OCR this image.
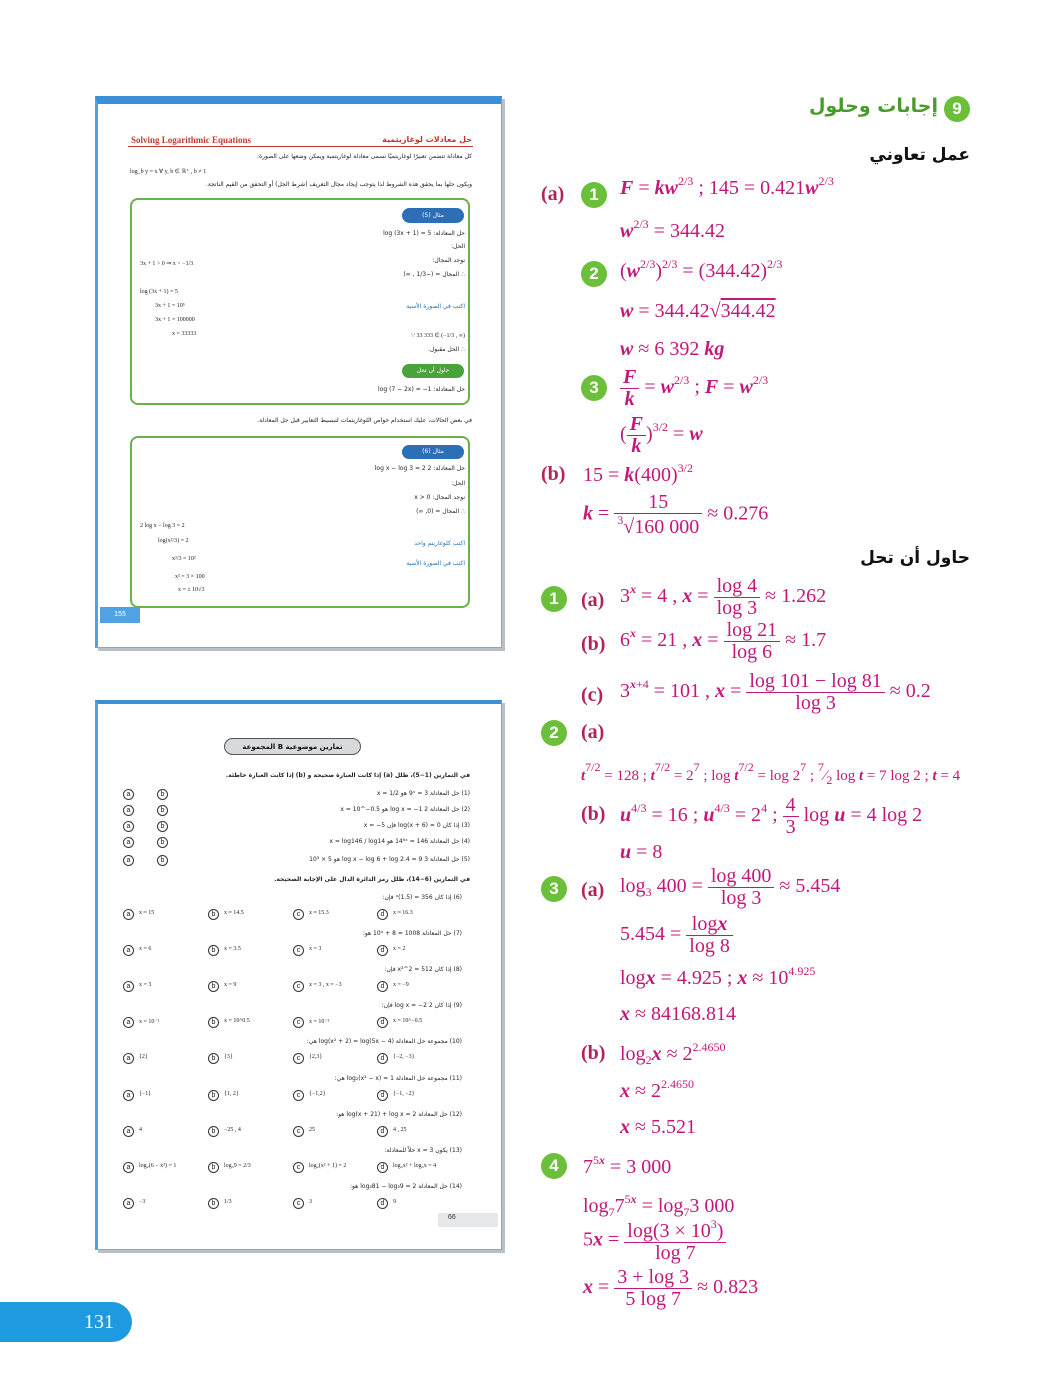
Solving Logarithmic Equations	حل معادلات لوغاريتمية
كل معادلة تتضمن تعبيرًا لوغاريتميًا تسمى معادلة لوغاريتمية ويمكن وضعها على الصورة:
log_b y = x ∀ y, b ∈ ℝ⁺ , b ≠ 1
ويكون حلها بما يحقق هذه الشروط لذا يتوجب إيجاد مجال التعريف (شرط الحل) أو التحقق من القيم الناتجة.
مثال (5)
حل المعادلة: log (3x + 1) = 5
الحل:
نوجد المجال:
3x + 1 > 0 ⇒ x > −1/3
∴ المجال = (−1/3 , ∞)
log (3x + 1) = 5
3x + 1 = 10⁵
3x + 1 = 100000
x = 33333
اكتب في الصورة الأسية
∵ 33 333 ∈ (−1/3 , ∞)
∴ الحل مقبول.
حاول أن تحل
حل المعادلة: log (7 − 2x) = −1
في بعض الحالات، عليك استخدام خواص اللوغاريتمات لتبسيط التعابير قبل حل المعادلة.
مثال (6)
حل المعادلة: 2 log x − log 3 = 2
الحل:
نوجد المجال: x > 0
∴ المجال = (0, ∞)
2 log x − log 3 = 2
log(x²/3) = 2
x²/3 = 10²
x² = 3 × 100
x = ± 10√3
اكتب كلوغاريتم واحد
اكتب في الصورة الأسية
155
المجموعة B تمارين موضوعية
في التمارين (1−5)، ظلل (a) إذا كانت العبارة صحيحة و (b) إذا كانت العبارة خاطئة.
(1) حل المعادلة 3 = 9ˣ هو x = 1/2
a	b
(2) حل المعادلة 2 log x = −1 هو x = 10^−0.5
a	b
(3) إذا كان log(x + 6) = 0 فإن x = −5
a	b
(4) حل المعادلة 14⁶ˣ = 146 هو x = log146 / log14
a	b
(5) حل المعادلة 3 log x − log 6 + log 2.4 = 9 هو 5 × 10³
a	b
في التمارين (6−14)، ظلل رمز الدائرة الدال على الإجابة الصحيحة.
(6) إذا كان 356 = (1.5)ˣ فإن:
a	x ≈ 15	b	x ≈ 14.5	c	x ≈ 15.3	d	x ≈ 16.3
(7) حل المعادلة 1008 = 10ˣ + 8 هو:
a	x = 6	b	x = 3.5	c	x = 3	d	x = 2
(8) إذا كان 512 = 2^x² فإن:
a	x = 3	b	x = 9	c	x = 3 , x = −3	d	x = −9
(9) إذا كان 2 log x = −2 فإن:
a	x = 10⁻¹	b	x = 10^0.5	c	x = 10⁻²	d	x = 10^−0.5
(10) مجموعة حل المعادلة log(x² + 2) = log(5x − 4) هي:
a	{2}	b	{3}	c	{2,3}	d	{−2, −3}
(11) مجموعة حل المعادلة log₂(x² − x) = 1 هي:
a	{−1}	b	{1, 2}	c	{−1,2}	d	{−1, −2}
(12) حل المعادلة log(x + 21) + log x = 2 هو:
a	4	b	−25 , 4	c	25	d	4 , 25
(13) يكون x = 3 حلاً للمعادلة:
a	log₂(6 − x²) = 1	b	log₃9 = 2/3	c	log₂(x² + 1) = 2	d	log₃x² + log₃x = 4
(14) حل المعادلة log₃81 − log₃9 = 2 هو:
a	−3	b	1/3	c	3	d	9
66
131
9
إجابات وحلول
عمل تعاوني
(a)	1	$F = kw^{2/3}$ ; $145 = 0.421w^{2/3}$
$w^{2/3} = 344.42$
2	$(w^{2/3})^{2/3} = (344.42)^{2/3}$
w = 344.42√344.42
w ≈ 6 392 kg
3	$\frac{F}{k} = w^{2/3}$ ; $F = w^{2/3}$
( $\frac{F}{k} )^{3/2} = w$
(b) $15 = k(400)^{3/2}$
$k = \frac{15}{^3√160 000} \approx 0.276$
حاول أن تحل
1	(a) $3^x = 4$ , $x = \frac{\log 4}{\log 3} \approx 1.262$
(b) $6^x = 21$ , $x = \frac{\log 21}{\log 6} \approx 1.7$
(c) $3^{x+4} = 101$ , $x = \frac{\log 101 - \log 81}{\log 3} \approx 0.2$
2	(a)
$t^{7/2} = 128$ ; $t^{7/2} = 2^7$ ; $\log t^{7/2} = \log 2^7$ ; $^7⁄_2$ log t = 7 log 2 ; t = 4
(b) $u^{4/3} = 16$ ; $u^{4/3} = 2^4$ ; $\frac{4}{3}$ log u = 4 log 2
u = 8
3	(a) $\log_3 400 = \frac{\log 400}{\log 3} \approx 5.454$
$5.454 = \frac{\log x}{\log 8}$
logx = 4.925 ; $x \approx 10^{4.925}$
x ≈ 84168.814
(b) $\log_2x \approx 2^{2.4650}$
$x \approx 2^{2.4650}$
x ≈ 5.521
4	$7^{5x} = 3$ 000
$\log_77^{5x} = \log_73$ 000
$5x = \frac{\log(3 \times 10^3)}{\log 7}$
$x = \frac{3 + \log 3}{5 \log 7} \approx 0.823$
